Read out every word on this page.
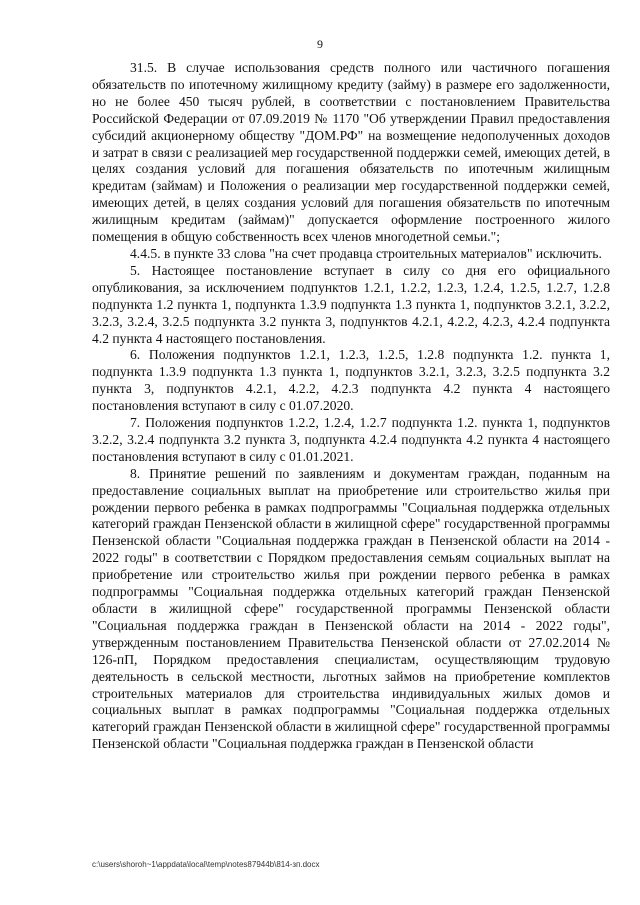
9

31.5. В случае использования средств полного или частичного погашения обязательств по ипотечному жилищному кредиту (займу) в размере его задолженности, но не более 450 тысяч рублей, в соответствии с постановлением Правительства Российской Федерации от 07.09.2019 № 1170 "Об утверждении Правил предоставления субсидий акционерному обществу "ДОМ.РФ" на возмещение недополученных доходов и затрат в связи с реализацией мер государственной поддержки семей, имеющих детей, в целях создания условий для погашения обязательств по ипотечным жилищным кредитам (займам) и Положения о реализации мер государственной поддержки семей, имеющих детей, в целях создания условий для погашения обязательств по ипотечным жилищным кредитам (займам)" допускается оформление построенного жилого помещения в общую собственность всех членов многодетной семьи.";

4.4.5. в пункте 33 слова "на счет продавца строительных материалов" исключить.

5. Настоящее постановление вступает в силу со дня его официального опубликования, за исключением подпунктов 1.2.1, 1.2.2, 1.2.3, 1.2.4, 1.2.5, 1.2.7, 1.2.8 подпункта 1.2 пункта 1, подпункта 1.3.9 подпункта 1.3 пункта 1, подпунктов 3.2.1, 3.2.2, 3.2.3, 3.2.4, 3.2.5 подпункта 3.2 пункта 3, подпунктов 4.2.1, 4.2.2, 4.2.3, 4.2.4 подпункта 4.2 пункта 4 настоящего постановления.

6. Положения подпунктов 1.2.1, 1.2.3, 1.2.5, 1.2.8 подпункта 1.2. пункта 1, подпункта 1.3.9 подпункта 1.3 пункта 1, подпунктов 3.2.1, 3.2.3, 3.2.5 подпункта 3.2 пункта 3, подпунктов 4.2.1, 4.2.2, 4.2.3 подпункта 4.2 пункта 4 настоящего постановления вступают в силу с 01.07.2020.

7. Положения подпунктов 1.2.2, 1.2.4, 1.2.7 подпункта 1.2. пункта 1, подпунктов 3.2.2, 3.2.4 подпункта 3.2 пункта 3, подпункта 4.2.4 подпункта 4.2 пункта 4 настоящего постановления вступают в силу с 01.01.2021.

8. Принятие решений по заявлениям и документам граждан, поданным на предоставление социальных выплат на приобретение или строительство жилья при рождении первого ребенка в рамках подпрограммы "Социальная поддержка отдельных категорий граждан Пензенской области в жилищной сфере" государственной программы Пензенской области "Социальная поддержка граждан в Пензенской области на 2014 - 2022 годы" в соответствии с Порядком предоставления семьям социальных выплат на приобретение или строительство жилья при рождении первого ребенка в рамках подпрограммы "Социальная поддержка отдельных категорий граждан Пензенской области в жилищной сфере" государственной программы Пензенской области "Социальная поддержка граждан в Пензенской области на 2014 - 2022 годы", утвержденным постановлением Правительства Пензенской области от 27.02.2014 № 126-пП, Порядком предоставления специалистам, осуществляющим трудовую деятельность в сельской местности, льготных займов на приобретение комплектов строительных материалов для строительства индивидуальных жилых домов и социальных выплат в рамках подпрограммы "Социальная поддержка отдельных категорий граждан Пензенской области в жилищной сфере" государственной программы Пензенской области "Социальная поддержка граждан в Пензенской области

c:\users\shoroh~1\appdata\local\temp\notes87944b\814-зп.docx
